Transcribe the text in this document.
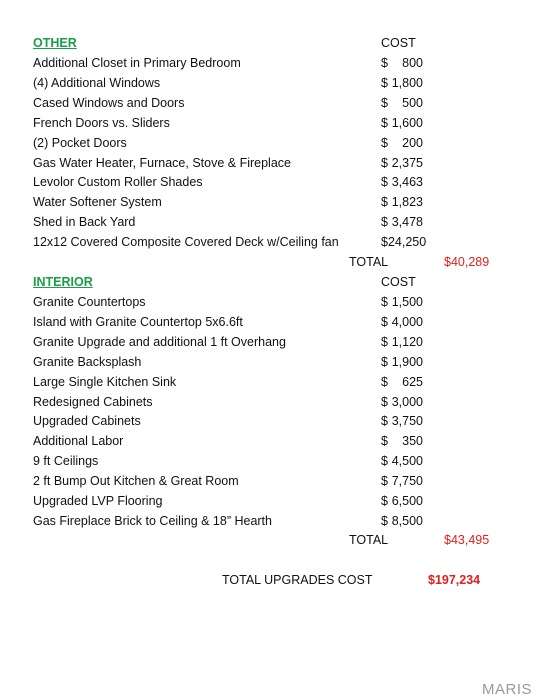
OTHER	COST
Additional Closet in Primary Bedroom	$ 800
(4) Additional Windows	$ 1,800
Cased Windows and Doors	$ 500
French Doors vs. Sliders	$ 1,600
(2) Pocket Doors	$ 200
Gas Water Heater, Furnace, Stove & Fireplace	$ 2,375
Levolor Custom Roller Shades	$ 3,463
Water Softener System	$ 1,823
Shed in Back Yard	$ 3,478
12x12 Covered Composite Covered Deck w/Ceiling fan	$24,250
TOTAL	$40,289
INTERIOR	COST
Granite Countertops	$ 1,500
Island with Granite Countertop 5x6.6ft	$ 4,000
Granite Upgrade and additional 1 ft Overhang	$ 1,120
Granite Backsplash	$ 1,900
Large Single Kitchen Sink	$ 625
Redesigned Cabinets	$ 3,000
Upgraded Cabinets	$ 3,750
Additional Labor	$ 350
9 ft Ceilings	$ 4,500
2 ft Bump Out Kitchen & Great Room	$ 7,750
Upgraded LVP Flooring	$ 6,500
Gas Fireplace Brick to Ceiling & 18” Hearth	$ 8,500
TOTAL	$43,495
TOTAL UPGRADES COST	$197,234
MARIS
